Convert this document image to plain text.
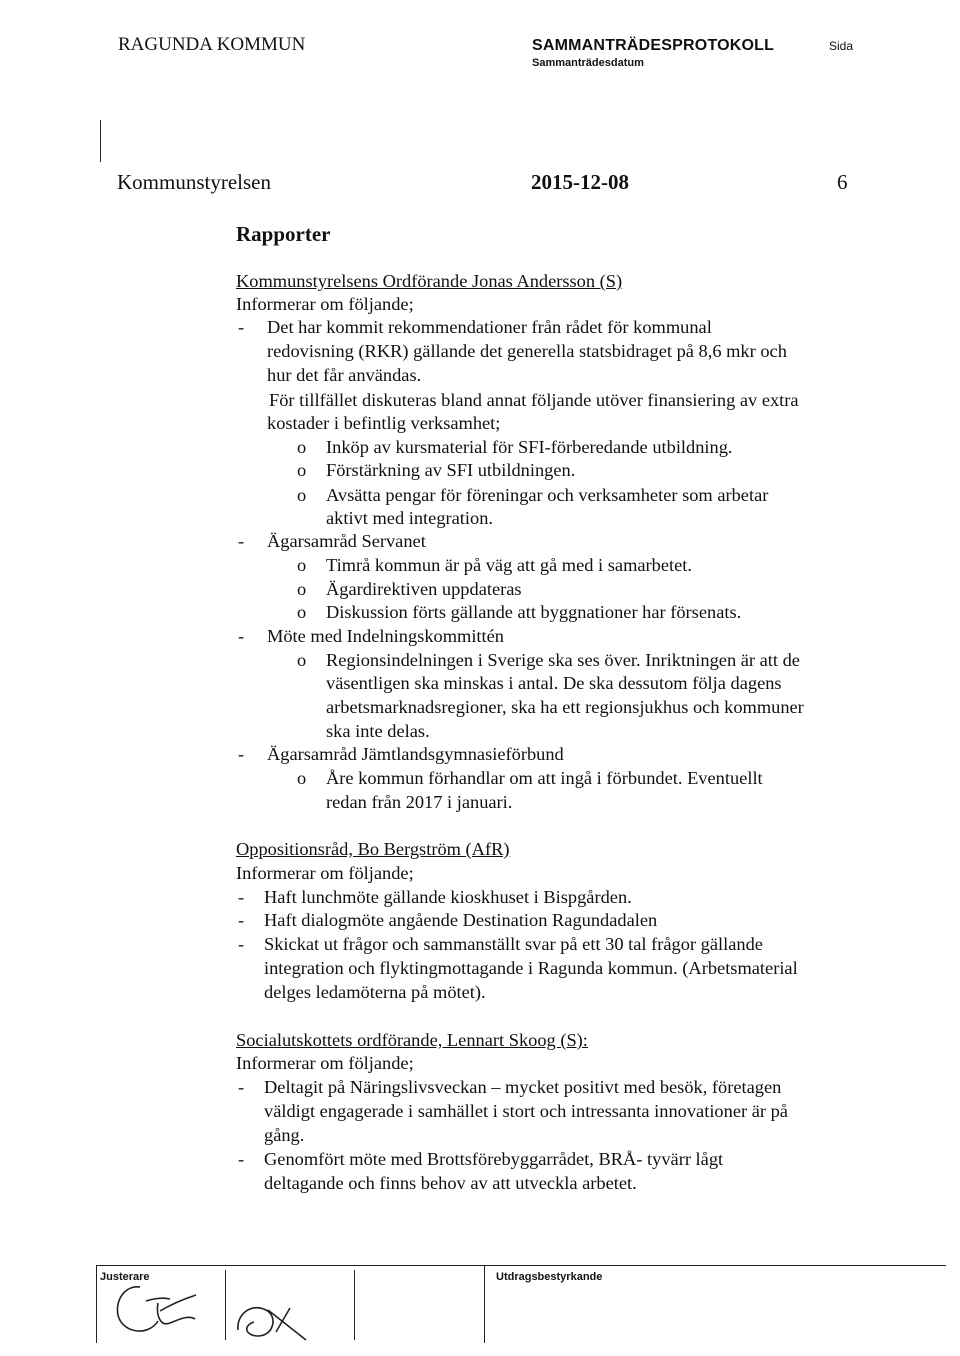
RAGUNDA KOMMUN	SAMMANTRÄDESPROTOKOLL
Sammanträdesdatum
Sida
Kommunstyrelsen	2015-12-08	6
Rapporter
Kommunstyrelsens Ordförande Jonas Andersson (S)
Informerar om följande;
- Det har kommit rekommendationer från rådet för kommunal
redovisning (RKR) gällande det generella statsbidraget på 8,6 mkr och
hur det får användas.
För tillfället diskuteras bland annat följande utöver finansiering av extra
kostader i befintlig verksamhet;
o Inköp av kursmaterial för SFI-förberedande utbildning.
o Förstärkning av SFI utbildningen.
o Avsätta pengar för föreningar och verksamheter som arbetar
aktivt med integration.
- Ägarsamråd Servanet
o Timrå kommun är på väg att gå med i samarbetet.
o Ägardirektiven uppdateras
o Diskussion förts gällande att byggnationer har försenats.
- Möte med Indelningskommittén
o Regionsindelningen i Sverige ska ses över. Inriktningen är att de
väsentligen ska minskas i antal. De ska dessutom följa dagens
arbetsmarknadsregioner, ska ha ett regionsjukhus och kommuner
ska inte delas.
- Ägarsamråd Jämtlandsgymnasieförbund
o Åre kommun förhandlar om att ingå i förbundet. Eventuellt
redan från 2017 i januari.
Oppositionsråd, Bo Bergström (AfR)
Informerar om följande;
- Haft lunchmöte gällande kioskhuset i Bispgården.
- Haft dialogmöte angående Destination Ragundadalen
- Skickat ut frågor och sammanställt svar på ett 30 tal frågor gällande
integration och flyktingmottagande i Ragunda kommun. (Arbetsmaterial
delges ledamöterna på mötet).
Socialutskottets ordförande, Lennart Skoog (S):
Informerar om följande;
- Deltagit på Näringslivsveckan – mycket positivt med besök, företagen
väldigt engagerade i samhället i stort och intressanta innovationer är på
gång.
- Genomfört möte med Brottsförebyggarrådet, BRÅ- tyvärr lågt
deltagande och finns behov av att utveckla arbetet.
Justerare	Utdragsbestyrkande
